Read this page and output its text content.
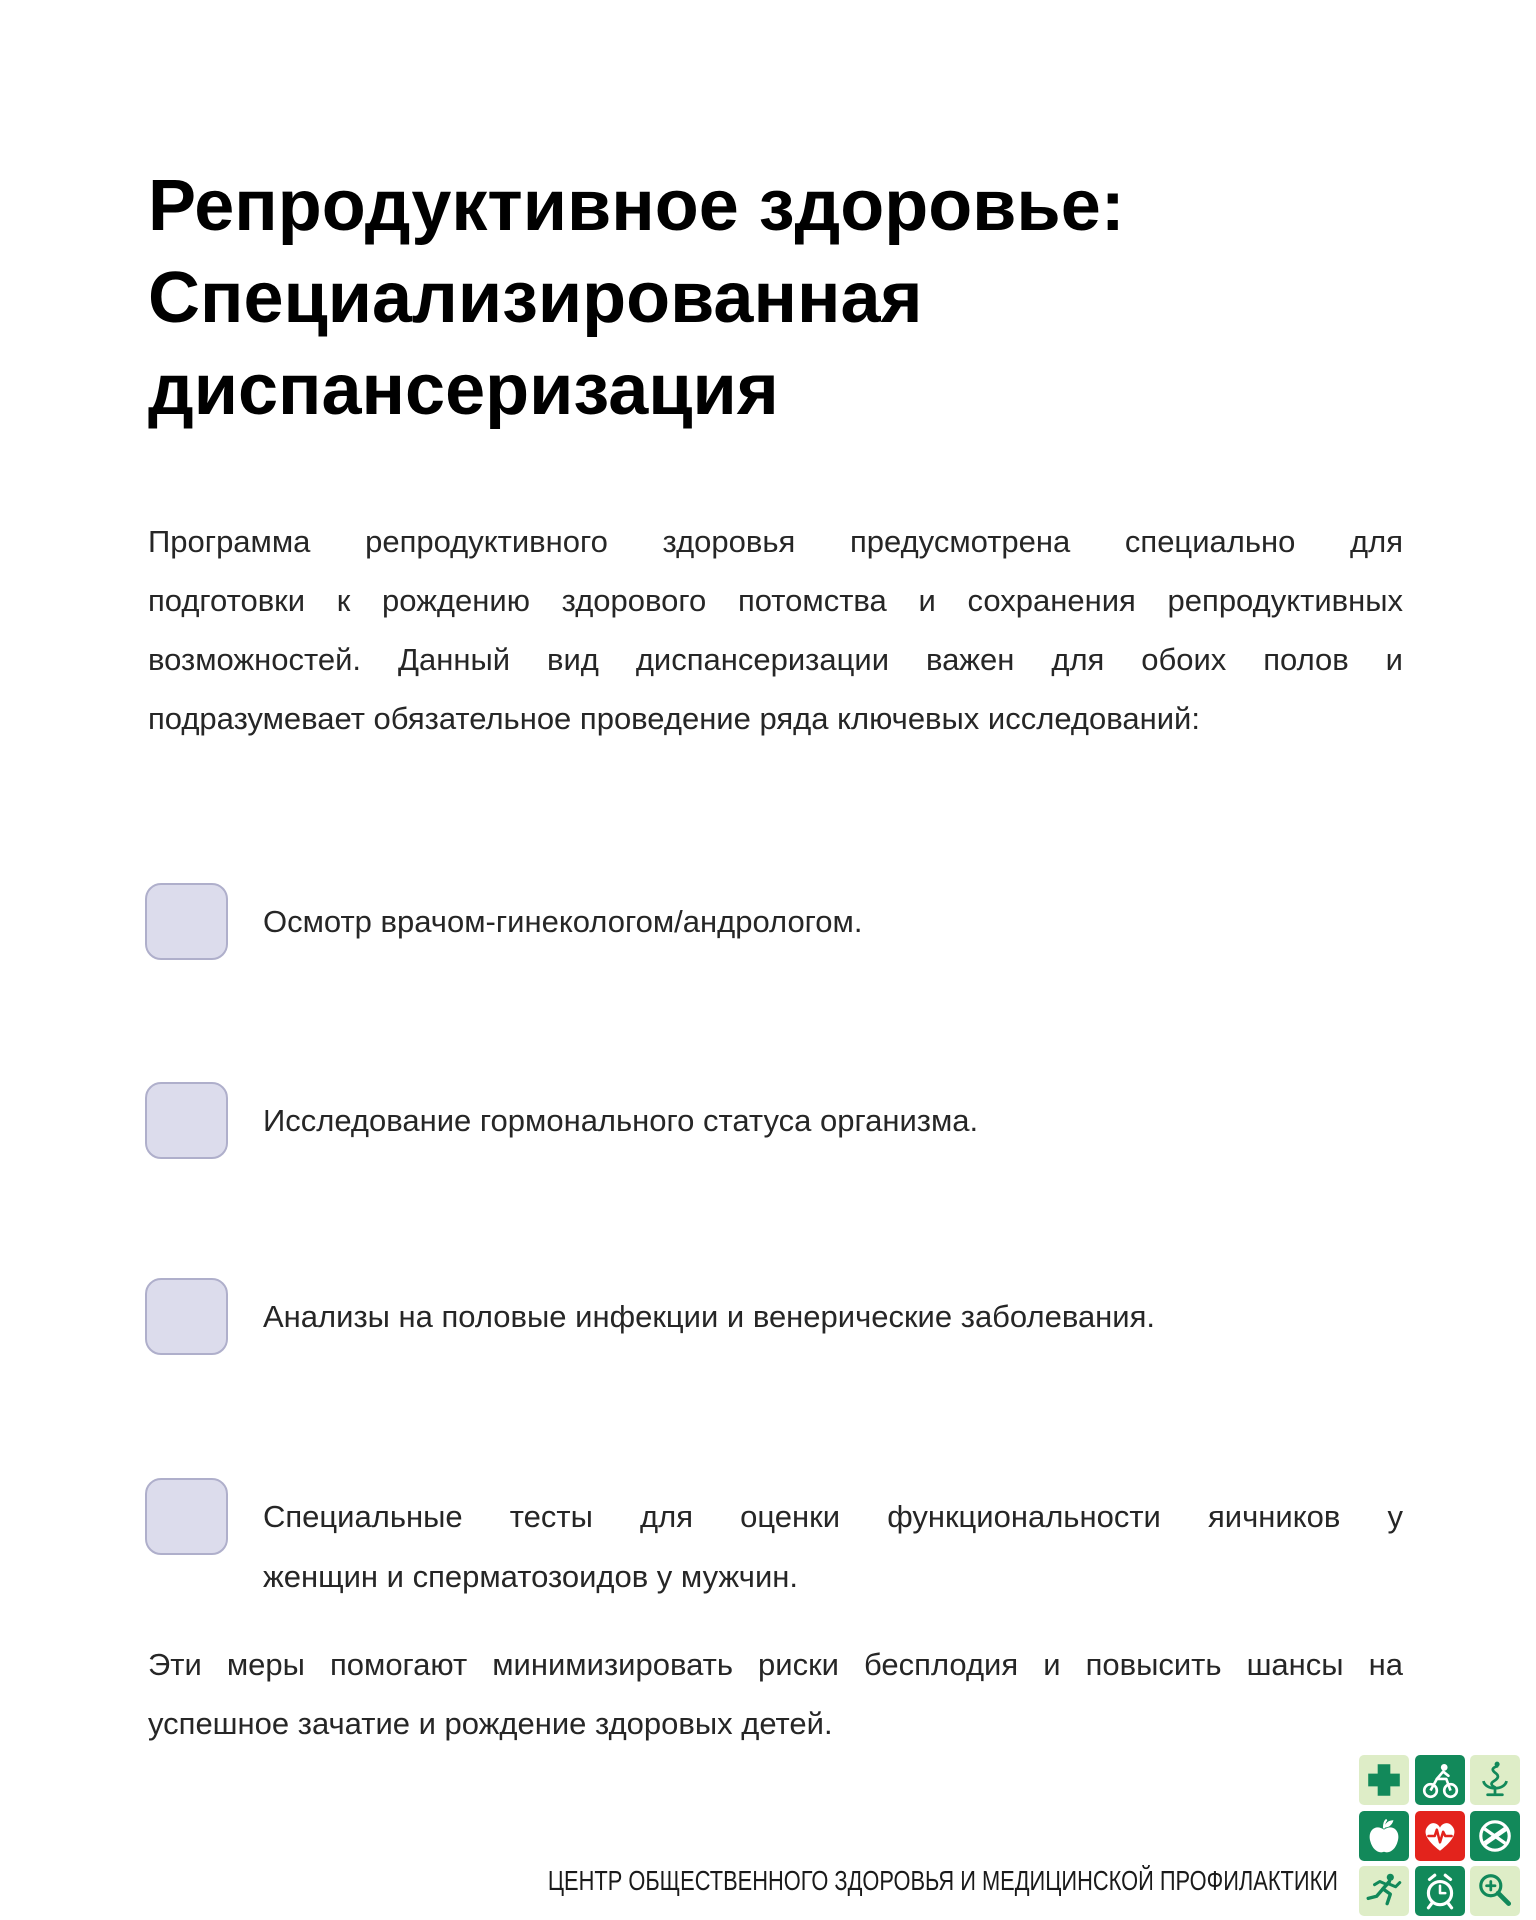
Репродуктивное здоровье:
Специализированная
диспансеризация
Программа репродуктивного здоровья предусмотрена специально для
подготовки к рождению здорового потомства и сохранения репродуктивных
возможностей. Данный вид диспансеризации важен для обоих полов и
подразумевает обязательное проведение ряда ключевых исследований:
Осмотр врачом-гинекологом/андрологом.
Исследование гормонального статуса организма.
Анализы на половые инфекции и венерические заболевания.
Специальные тесты для оценки функциональности яичников у
женщин и сперматозоидов у мужчин.
Эти меры помогают минимизировать риски бесплодия и повысить шансы на
успешное зачатие и рождение здоровых детей.
ЦЕНТР ОБЩЕСТВЕННОГО ЗДОРОВЬЯ И МЕДИЦИНСКОЙ ПРОФИЛАКТИКИ
